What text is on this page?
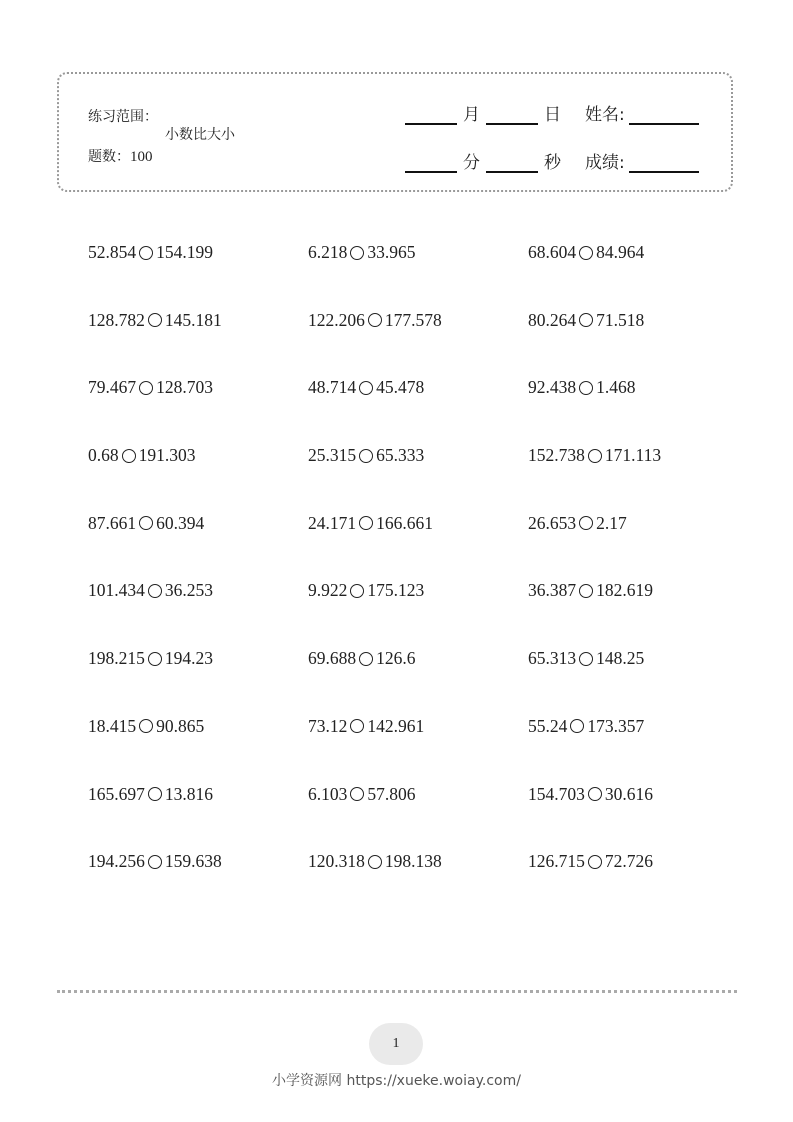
练习范围：
小数比大小
题数：100
月	日 姓名:
分	秒 成绩:
52.854 154.199	6.218 33.965	68.604 84.964
128.782 145.181	122.206 177.578	80.264 71.518
79.467 128.703	48.714 45.478	92.438 1.468
0.68 191.303	25.315 65.333	152.738 171.113
87.661 60.394	24.171 166.661	26.653 2.17
101.434 36.253	9.922 175.123	36.387 182.619
198.215 194.23	69.688 126.6	65.313 148.25
18.415 90.865	73.12 142.961	55.24 173.357
165.697 13.816	6.103 57.806	154.703 30.616
194.256 159.638	120.318 198.138	126.715 72.726
1
小学资源网 https://xueke.woiay.com/
